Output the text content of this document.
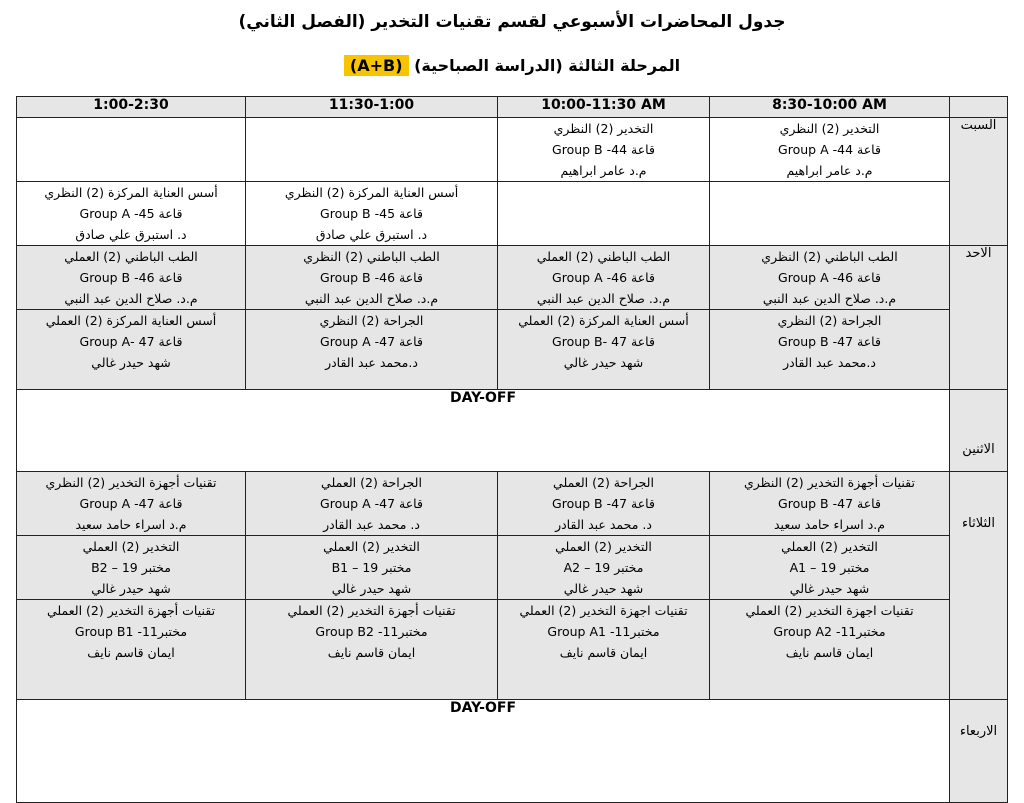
جدول المحاضرات الأسبوعي لقسم تقنيات التخدير (الفصل الثاني)
المرحلة الثالثة (الدراسة الصباحية) (A+B)
1:00-2:30	11:30-1:00	10:00-11:30 AM	8:30-10:00 AM	

		التخدير (2) النظري
قاعة 44- Group B
م.د عامر ابراهيم	التخدير (2) النظري
قاعة 44- Group A
م.د عامر ابراهيم	السبت

أسس العناية المركزة (2) النظري
قاعة 45- Group A
د. استبرق علي صادق	أسس العناية المركزة (2) النظري
قاعة 45- Group B
د. استبرق علي صادق			

الطب الباطني (2) العملي
قاعة 46- Group B
م.د. صلاح الدين عبد النبي	الطب الباطني (2) النظري
قاعة 46- Group B
م.د. صلاح الدين عبد النبي	الطب الباطني (2) العملي
قاعة 46- Group A
م.د. صلاح الدين عبد النبي	الطب الباطني (2) النظري
قاعة 46- Group A
م.د. صلاح الدين عبد النبي	الاحد

أسس العناية المركزة (2) العملي
قاعة 47 -Group A
شهد حيدر غالي	الجراحة (2) النظري
قاعة 47- Group A
د.محمد عبد القادر	أسس العناية المركزة (2) العملي
قاعة 47 -Group B
شهد حيدر غالي	الجراحة (2) النظري
قاعة 47- Group B
د.محمد عبد القادر	

DAY-OFF				الاثنين

تقنيات أجهزة التخدير (2) النظري
قاعة 47- Group A
م.د اسراء حامد سعيد	الجراحة (2) العملي
قاعة 47- Group A
د. محمد عبد القادر	الجراحة (2) العملي
قاعة 47- Group B
د. محمد عبد القادر	تقنيات أجهزة التخدير (2) النظري
قاعة 47- Group B
م.د اسراء حامد سعيد	الثلاثاء

التخدير (2) العملي
مختبر 19 – B2
شهد حيدر غالي	التخدير (2) العملي
مختبر 19 – B1
شهد حيدر غالي	التخدير (2) العملي
مختبر 19 – A2
شهد حيدر غالي	التخدير (2) العملي
مختبر 19 – A1
شهد حيدر غالي	

تقنيات أجهزة التخدير (2) العملي
مختبر11- Group B1
ايمان قاسم نايف	تقنيات أجهزة التخدير (2) العملي
مختبر11- Group B2
ايمان قاسم نايف	تقنيات اجهزة التخدير (2) العملي
مختبر11- Group A1
ايمان قاسم نايف	تقنيات اجهزة التخدير (2) العملي
مختبر11- Group A2
ايمان قاسم نايف	

DAY-OFF				الاربعاء
